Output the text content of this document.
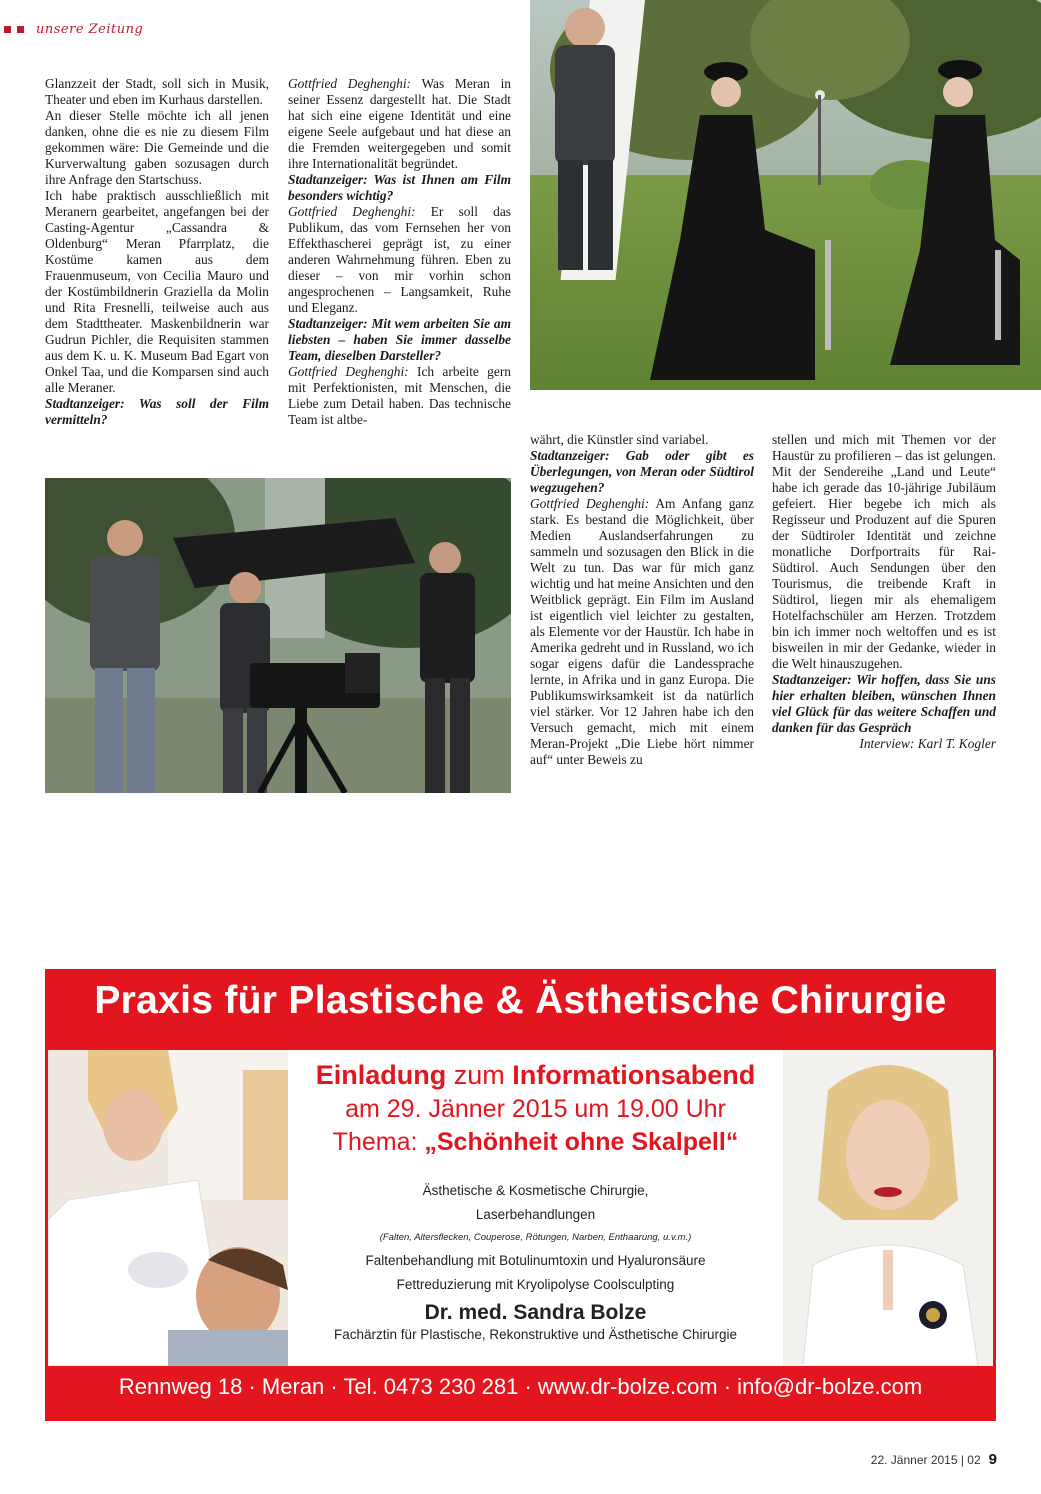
unsere Zeitung

Glanzzeit der Stadt, soll sich in Musik, Theater und eben im Kurhaus darstellen.

An dieser Stelle möchte ich all jenen danken, ohne die es nie zu diesem Film gekommen wäre: Die Gemeinde und die Kurverwaltung gaben sozusagen durch ihre Anfrage den Startschuss.

Ich habe praktisch ausschließlich mit Meranern gearbeitet, angefangen bei der Casting-Agentur „Cassandra & Oldenburg“ Meran Pfarrplatz, die Kostüme kamen aus dem Frauenmuseum, von Cecilia Mauro und der Kostümbildnerin Graziella da Molin und Rita Fresnelli, teilweise auch aus dem Stadttheater. Maskenbildnerin war Gudrun Pichler, die Requisiten stammen aus dem K. u. K. Museum Bad Egart von Onkel Taa, und die Komparsen sind auch alle Meraner.

Stadtanzeiger: Was soll der Film vermitteln?

Gottfried Deghenghi: Was Meran in seiner Essenz dargestellt hat. Die Stadt hat sich eine eigene Identität und eine eigene Seele aufgebaut und hat diese an die Fremden weitergegeben und somit ihre Internationalität begründet.

Stadtanzeiger: Was ist Ihnen am Film besonders wichtig?

Gottfried Deghenghi: Er soll das Publikum, das vom Fernsehen her von Effekthascherei geprägt ist, zu einer anderen Wahrnehmung führen. Eben zu dieser – von mir vorhin schon angesprochenen – Langsamkeit, Ruhe und Eleganz.

Stadtanzeiger: Mit wem arbeiten Sie am liebsten – haben Sie immer dasselbe Team, dieselben Darsteller?

Gottfried Deghenghi: Ich arbeite gern mit Perfektionisten, mit Menschen, die Liebe zum Detail haben. Das technische Team ist altbe-

währt, die Künstler sind variabel.

Stadtanzeiger: Gab oder gibt es Überlegungen, von Meran oder Südtirol wegzugehen?

Gottfried Deghenghi: Am Anfang ganz stark. Es bestand die Möglichkeit, über Medien Auslandserfahrungen zu sammeln und sozusagen den Blick in die Welt zu tun. Das war für mich ganz wichtig und hat meine Ansichten und den Weitblick geprägt. Ein Film im Ausland ist eigentlich viel leichter zu gestalten, als Elemente vor der Haustür. Ich habe in Amerika gedreht und in Russland, wo ich sogar eigens dafür die Landessprache lernte, in Afrika und in ganz Europa. Die Publikumswirksamkeit ist da natürlich viel stärker. Vor 12 Jahren habe ich den Versuch gemacht, mich mit einem Meran-Projekt „Die Liebe hört nimmer auf“ unter Beweis zu

stellen und mich mit Themen vor der Haustür zu profilieren – das ist gelungen. Mit der Sendereihe „Land und Leute“ habe ich gerade das 10-jährige Jubiläum gefeiert. Hier begebe ich mich als Regisseur und Produzent auf die Spuren der Südtiroler Identität und zeichne monatliche Dorfportraits für Rai-Südtirol. Auch Sendungen über den Tourismus, die treibende Kraft in Südtirol, liegen mir als ehemaligem Hotelfachschüler am Herzen. Trotzdem bin ich immer noch weltoffen und es ist bisweilen in mir der Gedanke, wieder in die Welt hinauszugehen.

Stadtanzeiger: Wir hoffen, dass Sie uns hier erhalten bleiben, wünschen Ihnen viel Glück für das weitere Schaffen und danken für das Gespräch

Interview: Karl T. Kogler

Praxis für Plastische & Ästhetische Chirurgie
Einladung zum Informationsabend
am 29. Jänner 2015 um 19.00 Uhr
Thema: „Schönheit ohne Skalpell“
Ästhetische & Kosmetische Chirurgie,
Laserbehandlungen
(Falten, Altersflecken, Couperose, Rötungen, Narben, Enthaarung, u.v.m.)
Faltenbehandlung mit Botulinumtoxin und Hyaluronsäure
Fettreduzierung mit Kryolipolyse Coolsculpting
Dr. med. Sandra Bolze
Fachärztin für Plastische, Rekonstruktive und Ästhetische Chirurgie
Rennweg 18 · Meran · Tel. 0473 230 281 · www.dr-bolze.com · info@dr-bolze.com
22. Jänner 2015 | 02 9
